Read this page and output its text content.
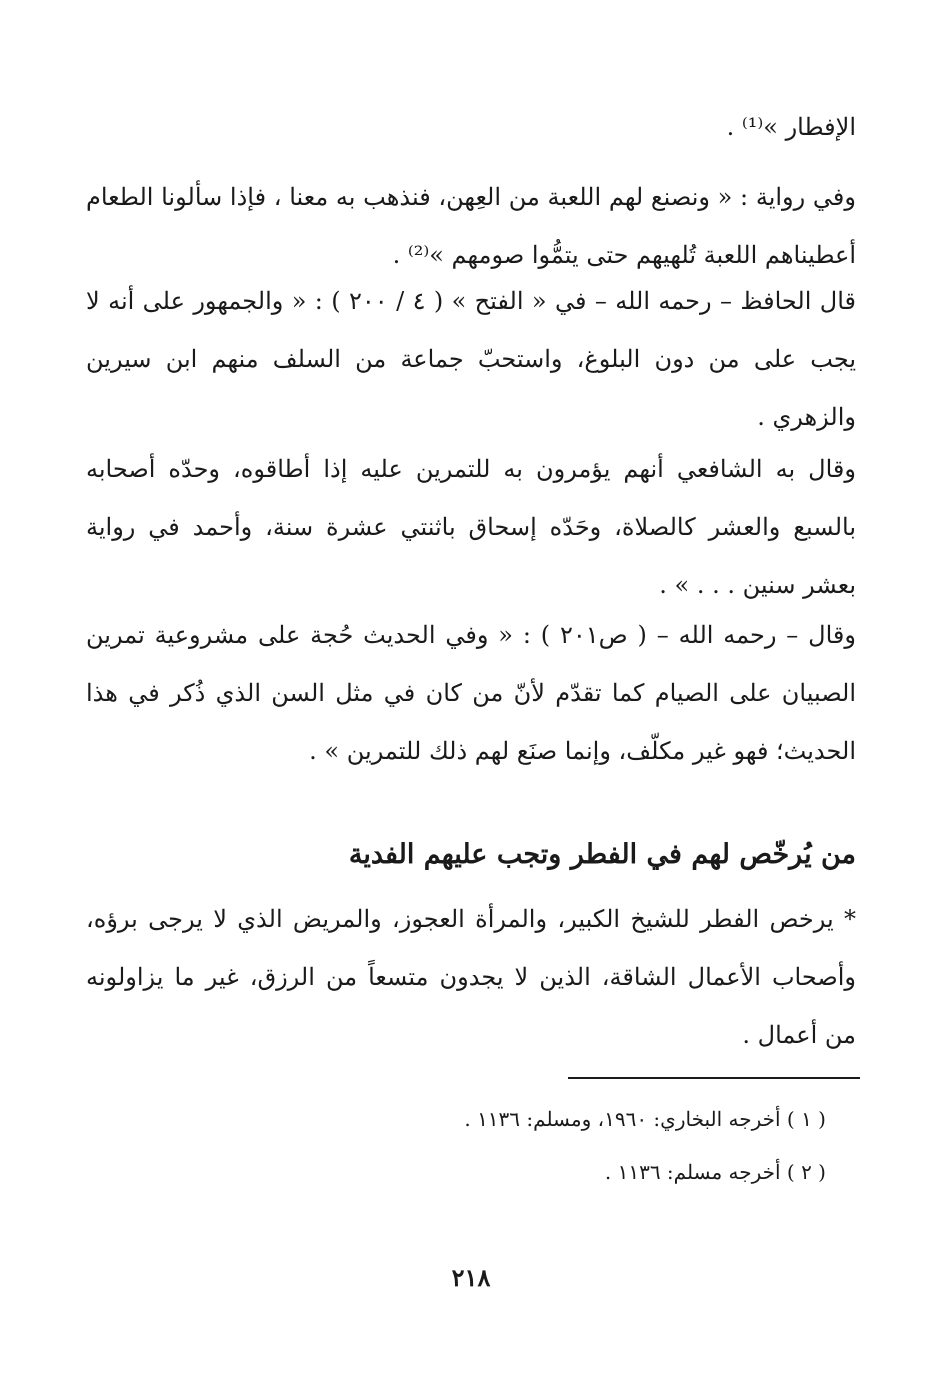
الإفطار »⁽¹⁾ .

وفي رواية : « ونصنع لهم اللعبة من العِهن، فنذهب به معنا ، فإذا سألونا الطعام أعطيناهم اللعبة تُلهيهم حتى يتمُّوا صومهم »⁽²⁾ .

قال الحافظ – رحمه الله – في « الفتح » ( ٤ / ٢٠٠ ) : « والجمهور على أنه لا يجب على من دون البلوغ، واستحبّ جماعة من السلف منهم ابن سيرين والزهري .

وقال به الشافعي أنهم يؤمرون به للتمرين عليه إذا أطاقوه، وحدّه أصحابه بالسبع والعشر كالصلاة، وحَدّه إسحاق باثنتي عشرة سنة، وأحمد في رواية بعشر سنين . . . » .

وقال – رحمه الله – ( ص٢٠١ ) : « وفي الحديث حُجة على مشروعية تمرين الصبيان على الصيام كما تقدّم لأنّ من كان في مثل السن الذي ذُكر في هذا الحديث؛ فهو غير مكلّف، وإنما صنَع لهم ذلك للتمرين » .

من يُرخّص لهم في الفطر وتجب عليهم الفدية

* يرخص الفطر للشيخ الكبير، والمرأة العجوز، والمريض الذي لا يرجى برؤه، وأصحاب الأعمال الشاقة، الذين لا يجدون متسعاً من الرزق، غير ما يزاولونه من أعمال .

( ١ ) أخرجه البخاري: ١٩٦٠، ومسلم: ١١٣٦ .

( ٢ ) أخرجه مسلم: ١١٣٦ .

٢١٨
